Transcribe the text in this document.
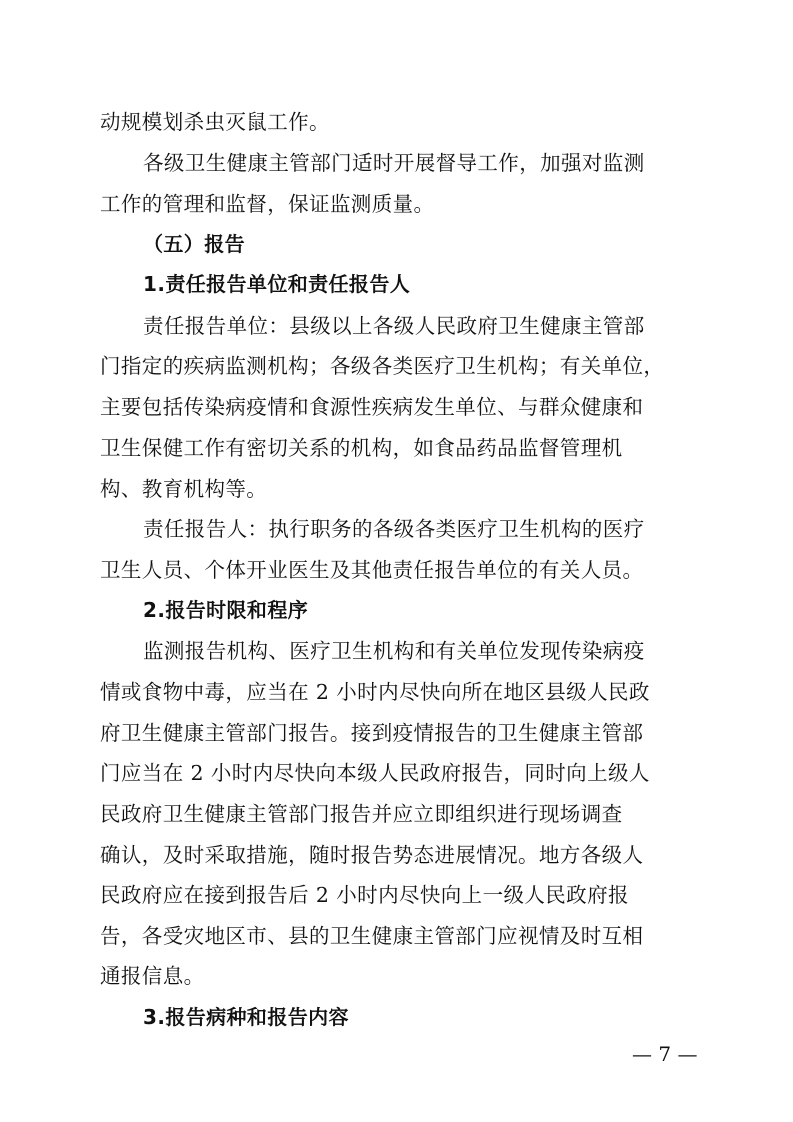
动规模划杀虫灭鼠工作。
各级卫生健康主管部门适时开展督导工作，加强对监测
工作的管理和监督，保证监测质量。
（五）报告
1.责任报告单位和责任报告人
责任报告单位：县级以上各级人民政府卫生健康主管部
门指定的疾病监测机构；各级各类医疗卫生机构；有关单位，
主要包括传染病疫情和食源性疾病发生单位、与群众健康和
卫生保健工作有密切关系的机构，如食品药品监督管理机
构、教育机构等。
责任报告人：执行职务的各级各类医疗卫生机构的医疗
卫生人员、个体开业医生及其他责任报告单位的有关人员。
2.报告时限和程序
监测报告机构、医疗卫生机构和有关单位发现传染病疫
情或食物中毒，应当在 2 小时内尽快向所在地区县级人民政
府卫生健康主管部门报告。接到疫情报告的卫生健康主管部
门应当在 2 小时内尽快向本级人民政府报告，同时向上级人
民政府卫生健康主管部门报告并应立即组织进行现场调查
确认，及时采取措施，随时报告势态进展情况。地方各级人
民政府应在接到报告后 2 小时内尽快向上一级人民政府报
告，各受灾地区市、县的卫生健康主管部门应视情及时互相
通报信息。
3.报告病种和报告内容
— 7 —
